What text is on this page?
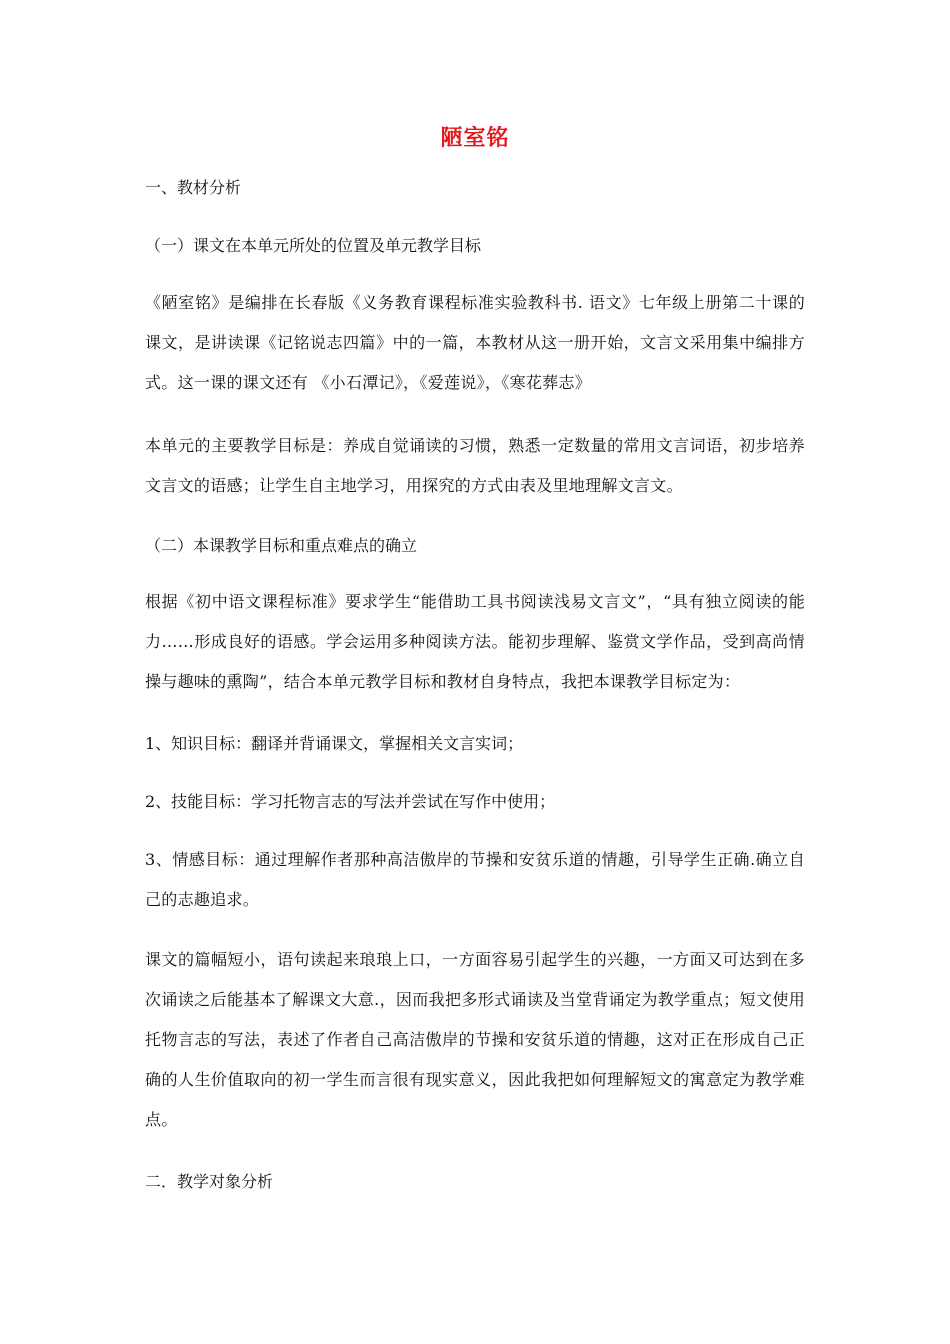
陋室铭
一、教材分析
（一）课文在本单元所处的位置及单元教学目标
《陋室铭》是编排在长春版《义务教育课程标准实验教科书. 语文》七年级上册第二十课的课文，是讲读课《记铭说志四篇》中的一篇，本教材从这一册开始，文言文采用集中编排方式。这一课的课文还有 《小石潭记》，《爱莲说》，《寒花葬志》
本单元的主要教学目标是：养成自觉诵读的习惯，熟悉一定数量的常用文言词语，初步培养文言文的语感；让学生自主地学习，用探究的方式由表及里地理解文言文。
（二）本课教学目标和重点难点的确立
根据《初中语文课程标准》要求学生“能借助工具书阅读浅易文言文”，“具有独立阅读的能力……形成良好的语感。学会运用多种阅读方法。能初步理解、鉴赏文学作品，受到高尚情操与趣味的熏陶”，结合本单元教学目标和教材自身特点，我把本课教学目标定为：
1、知识目标：翻译并背诵课文，掌握相关文言实词；
2、技能目标：学习托物言志的写法并尝试在写作中使用；
3、情感目标：通过理解作者那种高洁傲岸的节操和安贫乐道的情趣，引导学生正确.确立自己的志趣追求。
课文的篇幅短小，语句读起来琅琅上口，一方面容易引起学生的兴趣，一方面又可达到在多次诵读之后能基本了解课文大意.，因而我把多形式诵读及当堂背诵定为教学重点；短文使用托物言志的写法，表述了作者自己高洁傲岸的节操和安贫乐道的情趣，这对正在形成自己正确的人生价值取向的初一学生而言很有现实意义，因此我把如何理解短文的寓意定为教学难点。
二．教学对象分析
